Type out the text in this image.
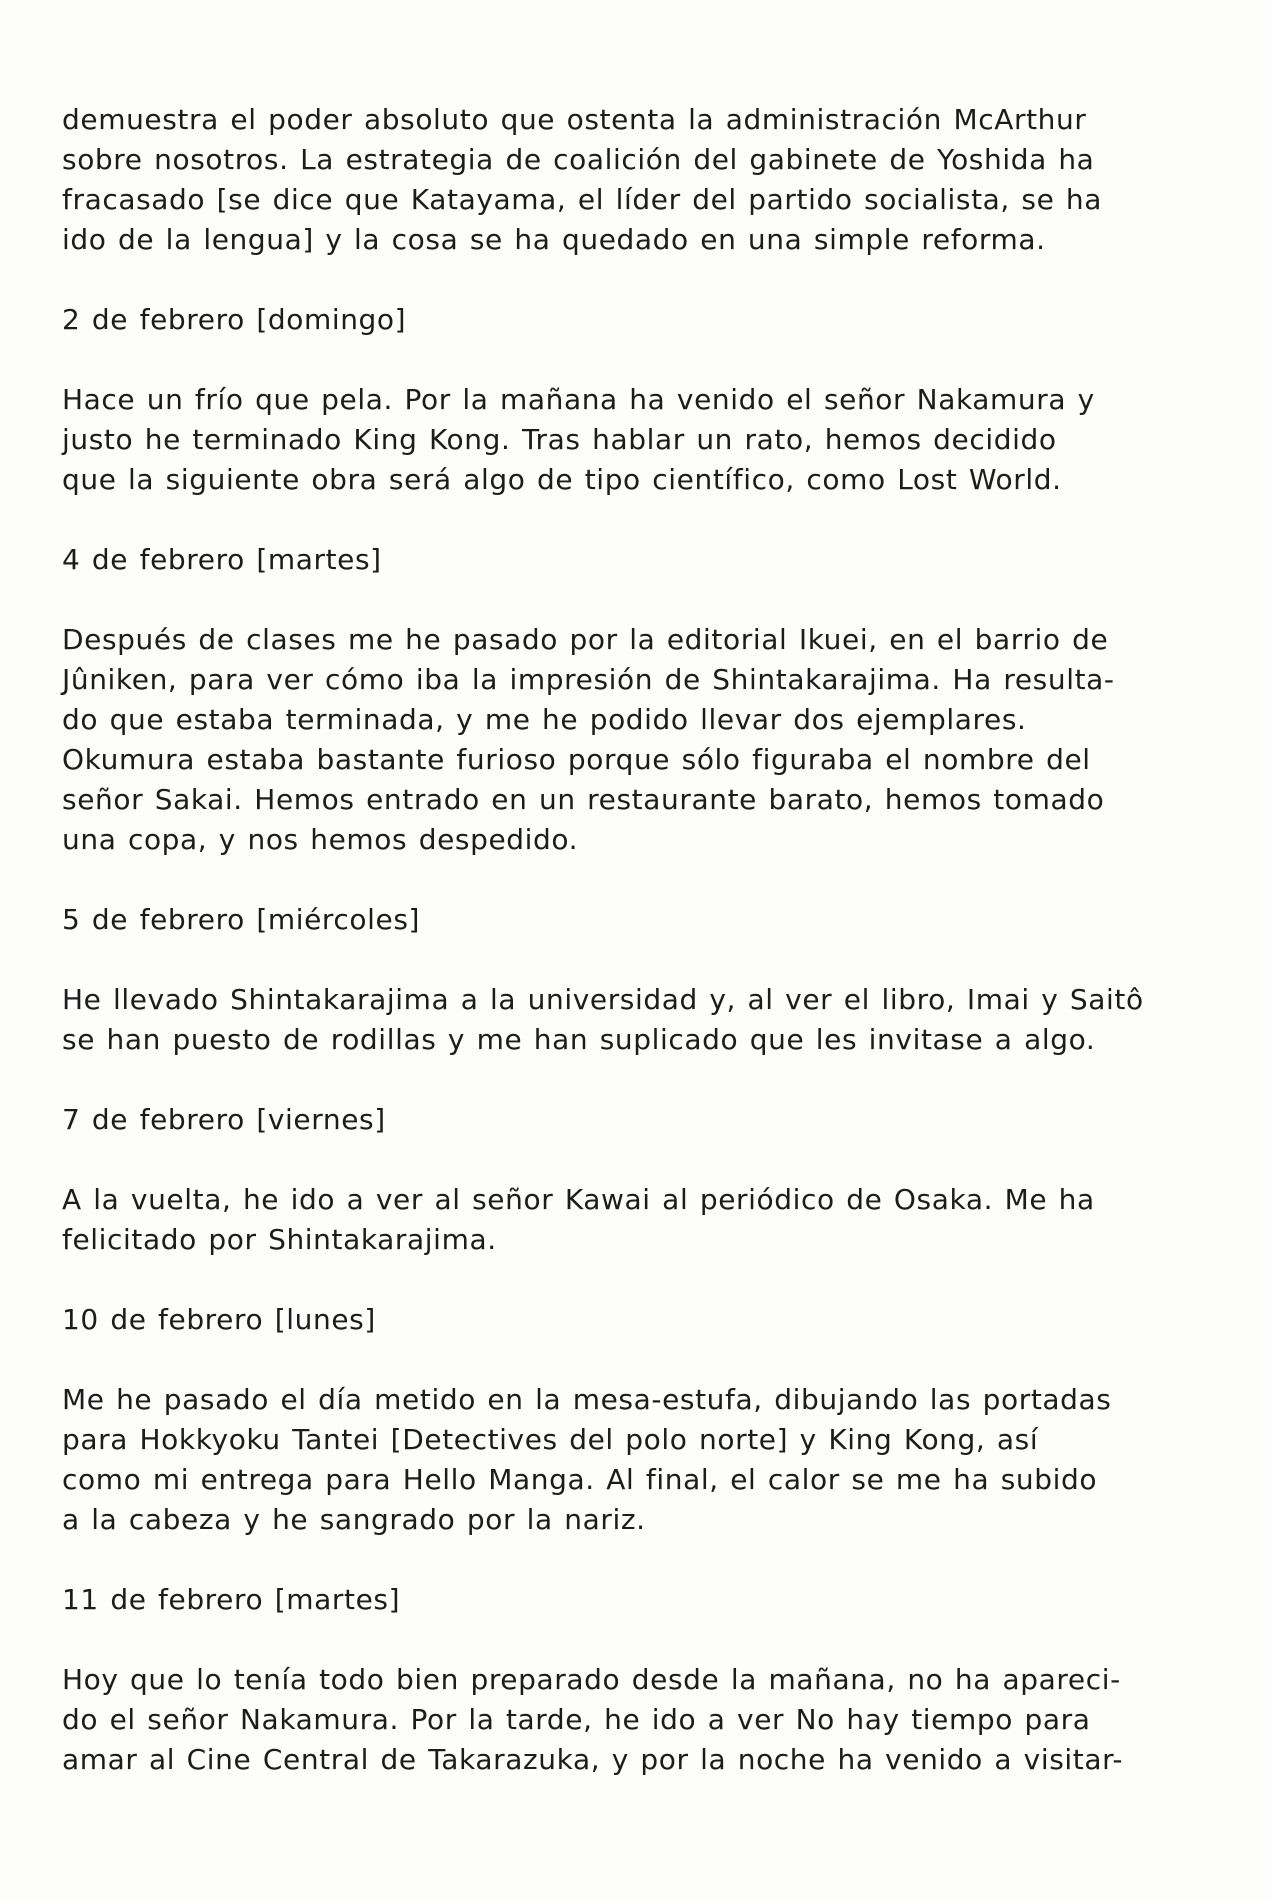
demuestra el poder absoluto que ostenta la administración McArthur
sobre nosotros. La estrategia de coalición del gabinete de Yoshida ha
fracasado [se dice que Katayama, el líder del partido socialista, se ha
ido de la lengua] y la cosa se ha quedado en una simple reforma.
2 de febrero [domingo]
Hace un frío que pela. Por la mañana ha venido el señor Nakamura y
justo he terminado King Kong. Tras hablar un rato, hemos decidido
que la siguiente obra será algo de tipo científico, como Lost World.
4 de febrero [martes]
Después de clases me he pasado por la editorial Ikuei, en el barrio de
Jûniken, para ver cómo iba la impresión de Shintakarajima. Ha resulta-
do que estaba terminada, y me he podido llevar dos ejemplares.
Okumura estaba bastante furioso porque sólo figuraba el nombre del
señor Sakai. Hemos entrado en un restaurante barato, hemos tomado
una copa, y nos hemos despedido.
5 de febrero [miércoles]
He llevado Shintakarajima a la universidad y, al ver el libro, Imai y Saitô
se han puesto de rodillas y me han suplicado que les invitase a algo.
7 de febrero [viernes]
A la vuelta, he ido a ver al señor Kawai al periódico de Osaka. Me ha
felicitado por Shintakarajima.
10 de febrero [lunes]
Me he pasado el día metido en la mesa-estufa, dibujando las portadas
para Hokkyoku Tantei [Detectives del polo norte] y King Kong, así
como mi entrega para Hello Manga. Al final, el calor se me ha subido
a la cabeza y he sangrado por la nariz.
11 de febrero [martes]
Hoy que lo tenía todo bien preparado desde la mañana, no ha apareci-
do el señor Nakamura. Por la tarde, he ido a ver No hay tiempo para
amar al Cine Central de Takarazuka, y por la noche ha venido a visitar-
